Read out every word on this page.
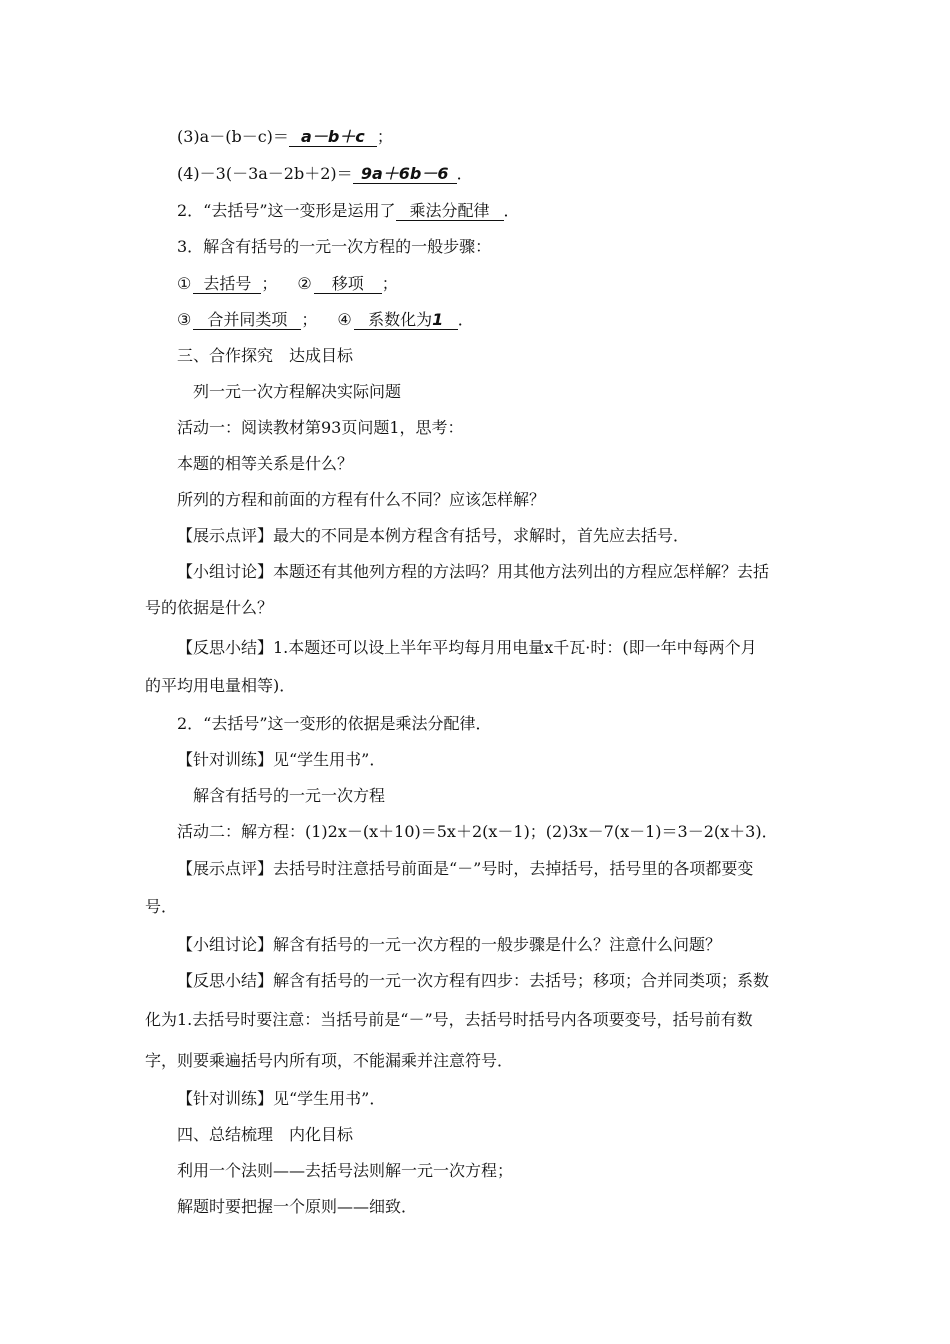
(3)a－(b－c)＝ a－b＋c ；
(4)－3(－3a－2b＋2)＝ 9a＋6b－6 ．
2．“去括号”这一变形是运用了 乘法分配律 ．
3．解含有括号的一元一次方程的一般步骤：
① 去括号 ； ② 移项 ；
③ 合并同类项 ； ④ 系数化为1 ．
三、合作探究　达成目标
列一元一次方程解决实际问题
活动一：阅读教材第93页问题1，思考：
本题的相等关系是什么？
所列的方程和前面的方程有什么不同？应该怎样解？
【展示点评】最大的不同是本例方程含有括号，求解时，首先应去括号．
【小组讨论】本题还有其他列方程的方法吗？用其他方法列出的方程应怎样解？去括
号的依据是什么？
【反思小结】1.本题还可以设上半年平均每月用电量x千瓦·时：(即一年中每两个月
的平均用电量相等)．
2．“去括号”这一变形的依据是乘法分配律．
【针对训练】见“学生用书”．
解含有括号的一元一次方程
活动二：解方程：(1)2x－(x＋10)＝5x＋2(x－1)；(2)3x－7(x－1)＝3－2(x＋3)．
【展示点评】去括号时注意括号前面是“－”号时，去掉括号，括号里的各项都要变
号．
【小组讨论】解含有括号的一元一次方程的一般步骤是什么？注意什么问题？
【反思小结】解含有括号的一元一次方程有四步：去括号；移项；合并同类项；系数
化为1.去括号时要注意：当括号前是“－”号，去括号时括号内各项要变号，括号前有数
字，则要乘遍括号内所有项，不能漏乘并注意符号．
【针对训练】见“学生用书”．
四、总结梳理　内化目标
利用一个法则——去括号法则解一元一次方程；
解题时要把握一个原则——细致．
